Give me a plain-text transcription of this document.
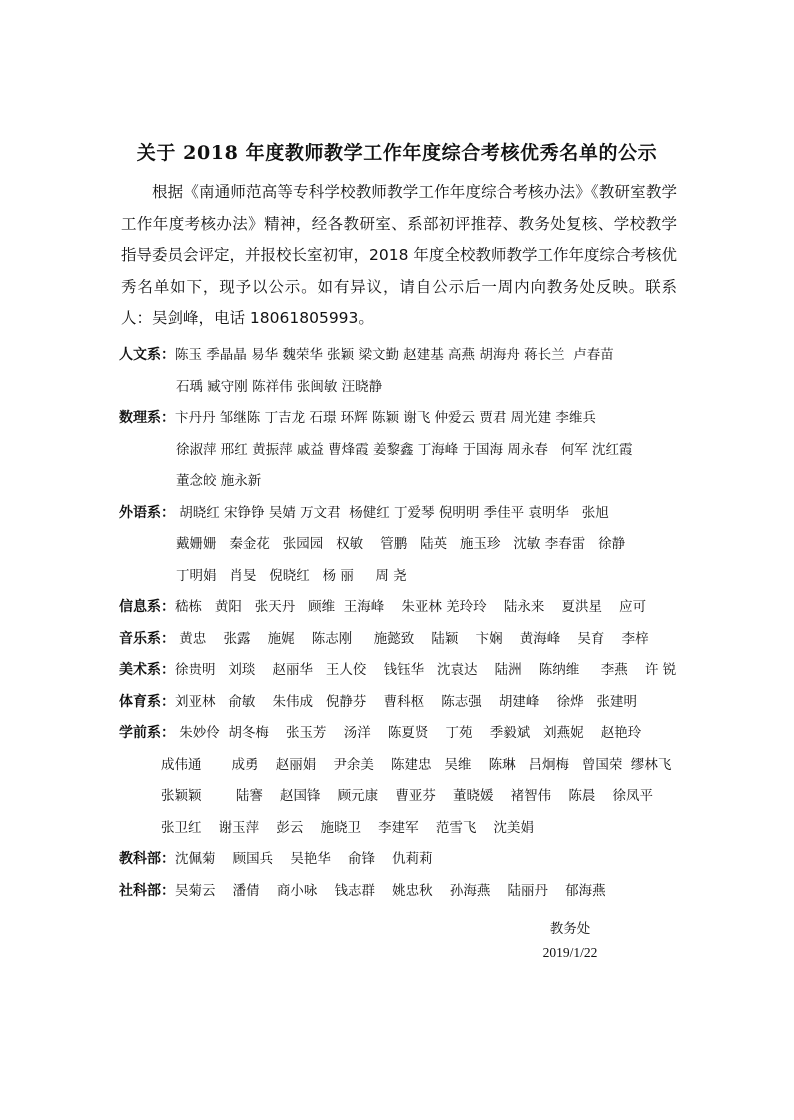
关于 2018 年度教师教学工作年度综合考核优秀名单的公示
根据《南通师范高等专科学校教师教学工作年度综合考核办法》《教研室教学工作年度考核办法》精神，经各教研室、系部初评推荐、教务处复核、学校教学指导委员会评定，并报校长室初审，2018 年度全校教师教学工作年度综合考核优秀名单如下，现予以公示。如有异议，请自公示后一周内向教务处反映。联系人：吴剑峰，电话 18061805993。
人文系：陈玉 季晶晶 易华 魏荣华 张颖 梁文勤 赵建基 高燕 胡海舟 蒋长兰  卢春苗
石瑀 臧守刚 陈祥伟 张闽敏 汪晓静
数理系：卞丹丹 邹继陈 丁吉龙 石璟 环辉 陈颖 谢飞 仲爱云 贾君 周光建 李维兵
徐淑萍 邢红 黄振萍 戚益 曹烽霞 姜黎鑫 丁海峰 于国海 周永春   何军 沈红霞
董念皎 施永新
外语系： 胡晓红 宋铮铮 吴婧 万文君  杨健红 丁爱琴 倪明明 季佳平 袁明华   张旭
戴姗姗   秦金花   张园园   权敏    管鹏   陆英   施玉珍   沈敏 李春雷   徐静
丁明娟   肖旻   倪晓红   杨 丽     周 尧
信息系：嵇栋   黄阳   张天丹   顾维  王海峰    朱亚林 羌玲玲    陆永来    夏洪星    应可
音乐系： 黄忠    张露    施娓    陈志刚     施懿致    陆颖    卞娴    黄海峰    吴育    李梓
美术系：徐贵明   刘琰    赵丽华   王人佼    钱钰华   沈袁达    陆洲    陈纳维     李燕    许 锐
体育系：刘亚林   俞敏    朱伟成   倪静芬    曹科枢    陈志强    胡建峰    徐烨   张建明
学前系： 朱妙伶  胡冬梅    张玉芳    汤洋    陈夏贤    丁苑    季毅斌   刘燕妮    赵艳玲
成伟通       成勇    赵丽娟    尹余美    陈建忠   吴维    陈琳   吕炯梅   曾国荣  缪林飞
张颖颖        陆謇    赵国锋    顾元康    曹亚芬    董晓媛    褚智伟    陈晨    徐凤平
张卫红    谢玉萍    彭云    施晓卫    李建军    范雪飞    沈美娟
教科部：沈佩菊    顾国兵    吴艳华    俞锋    仇莉莉
社科部：吴菊云    潘倩    商小咏    钱志群    姚忠秋    孙海燕    陆丽丹    郁海燕
教务处
2019/1/22
